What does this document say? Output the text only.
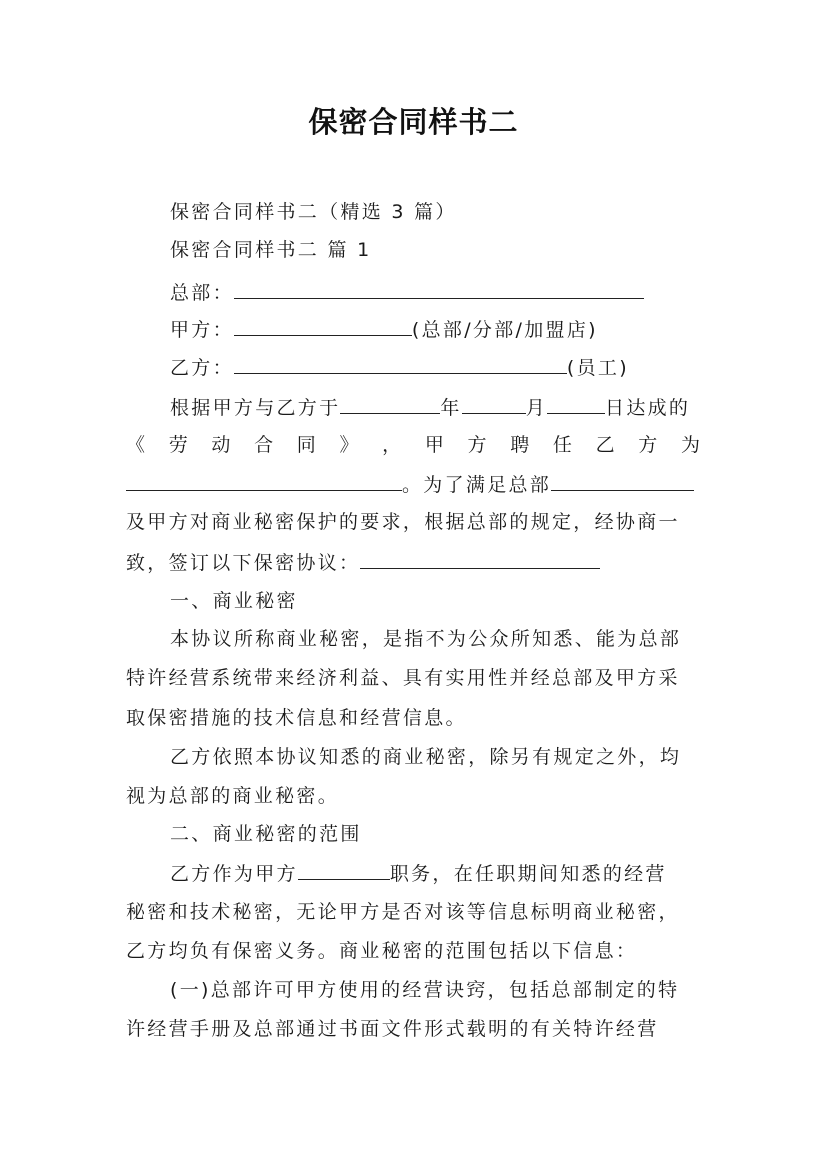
保密合同样书二
保密合同样书二（精选 3 篇）
保密合同样书二 篇 1
总部：
甲方：	(总部/分部/加盟店)
乙方：	(员工)
根据甲方与乙方于	年	月	日达成的
《 劳 动 合 同 》 ， 甲 方 聘 任 乙 方 为
。为了满足总部
及甲方对商业秘密保护的要求，根据总部的规定，经协商一
致，签订以下保密协议：
一、商业秘密
本协议所称商业秘密，是指不为公众所知悉、能为总部
特许经营系统带来经济利益、具有实用性并经总部及甲方采
取保密措施的技术信息和经营信息。
乙方依照本协议知悉的商业秘密，除另有规定之外，均
视为总部的商业秘密。
二、商业秘密的范围
乙方作为甲方	职务，在任职期间知悉的经营
秘密和技术秘密，无论甲方是否对该等信息标明商业秘密，
乙方均负有保密义务。商业秘密的范围包括以下信息：
(一)总部许可甲方使用的经营诀窍，包括总部制定的特
许经营手册及总部通过书面文件形式载明的有关特许经营
